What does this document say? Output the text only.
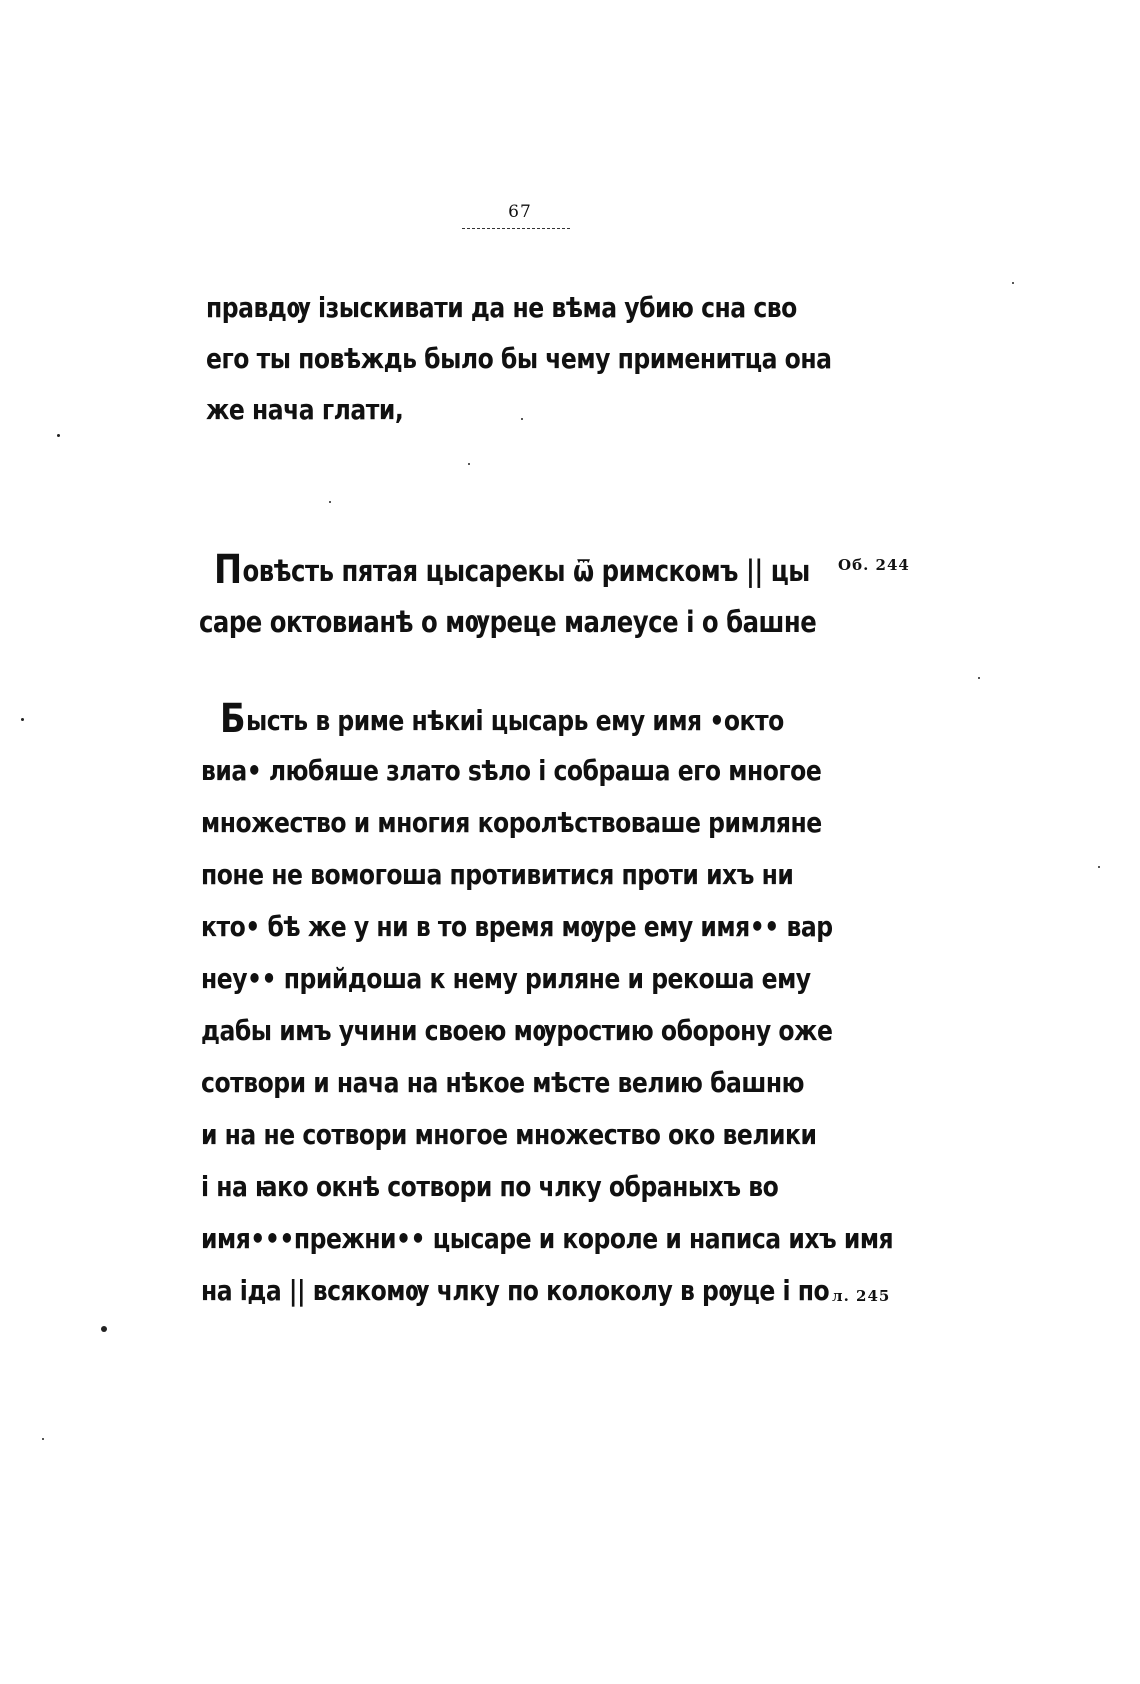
67
правдѹ ізыскивати да не вѣма убию сна сво
его ты повѣждь было бы чему применитца она
же нача глати,
Повѣсть пятая цысарекы ѿ римскомъ || цы
саре октовианѣ о мѹреце малеусе і о башне
Об. 244
Бысть в риме нѣкиі цысарь ему имя •окто
виа• любяше злато ѕѣло і собраша его многое
множество и многия королѣствоваше римляне
поне не вомогоша противитися проти ихъ ни
кто• бѣ же у ни в то время мѹре ему имя•• вар
неу•• прийдоша к нему риляне и рекоша ему
дабы имъ учини своею мѹростию оборону оже
сотвори и нача на нѣкое мѣсте велию башню
и на не сотвори многое множество око велики
і на ꙗко окнѣ сотвори по члку обраныхъ во
имя•••прежни•• цысаре и короле и написа ихъ имя
на іда || всякомѹ члку по колоколу в рѹце і по л. 245
